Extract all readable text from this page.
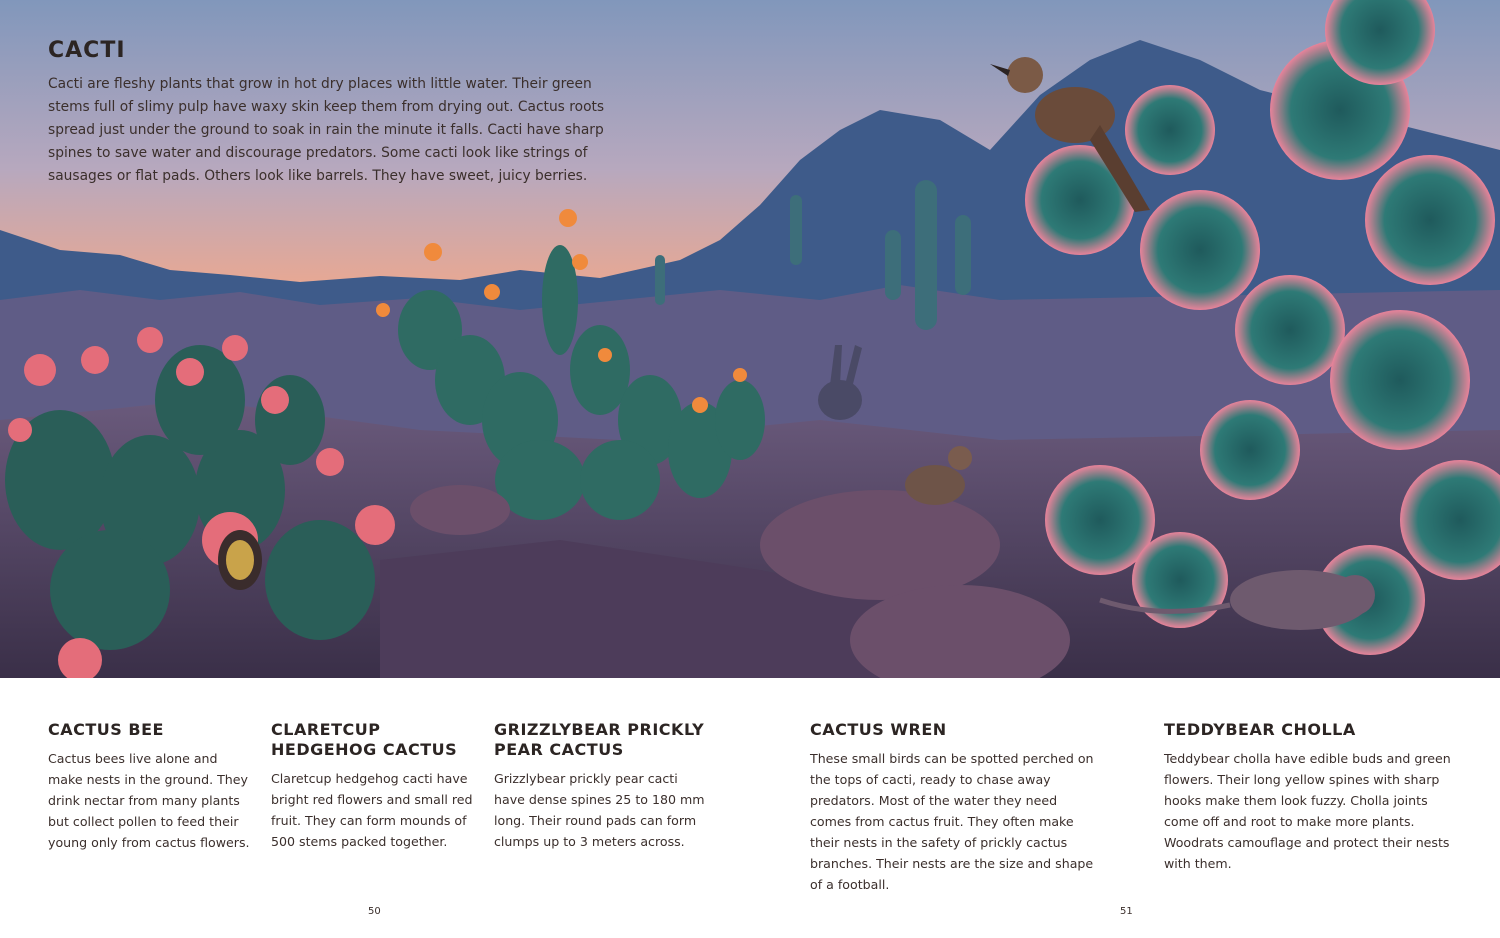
CACTI

Cacti are fleshy plants that grow in hot dry places with little water. Their green stems full of slimy pulp have waxy skin keep them from drying out. Cactus roots spread just under the ground to soak in rain the minute it falls. Cacti have sharp spines to save water and discourage predators. Some cacti look like strings of sausages or flat pads. Others look like barrels. They have sweet, juicy berries.

CACTUS BEE

Cactus bees live alone and make nests in the ground. They drink nectar from many plants but collect pollen to feed their young only from cactus flowers.

CLARETCUP HEDGEHOG CACTUS

Claretcup hedgehog cacti have bright red flowers and small red fruit. They can form mounds of 500 stems packed together.

GRIZZLYBEAR PRICKLY PEAR CACTUS

Grizzlybear prickly pear cacti have dense spines 25 to 180 mm long. Their round pads can form clumps up to 3 meters across.

CACTUS WREN

These small birds can be spotted perched on the tops of cacti, ready to chase away predators. Most of the water they need comes from cactus fruit. They often make their nests in the safety of prickly cactus branches. Their nests are the size and shape of a football.

TEDDYBEAR CHOLLA

Teddybear cholla have edible buds and green flowers. Their long yellow spines with sharp hooks make them look fuzzy. Cholla joints come off and root to make more plants. Woodrats camouflage and protect their nests with them.

50	51
